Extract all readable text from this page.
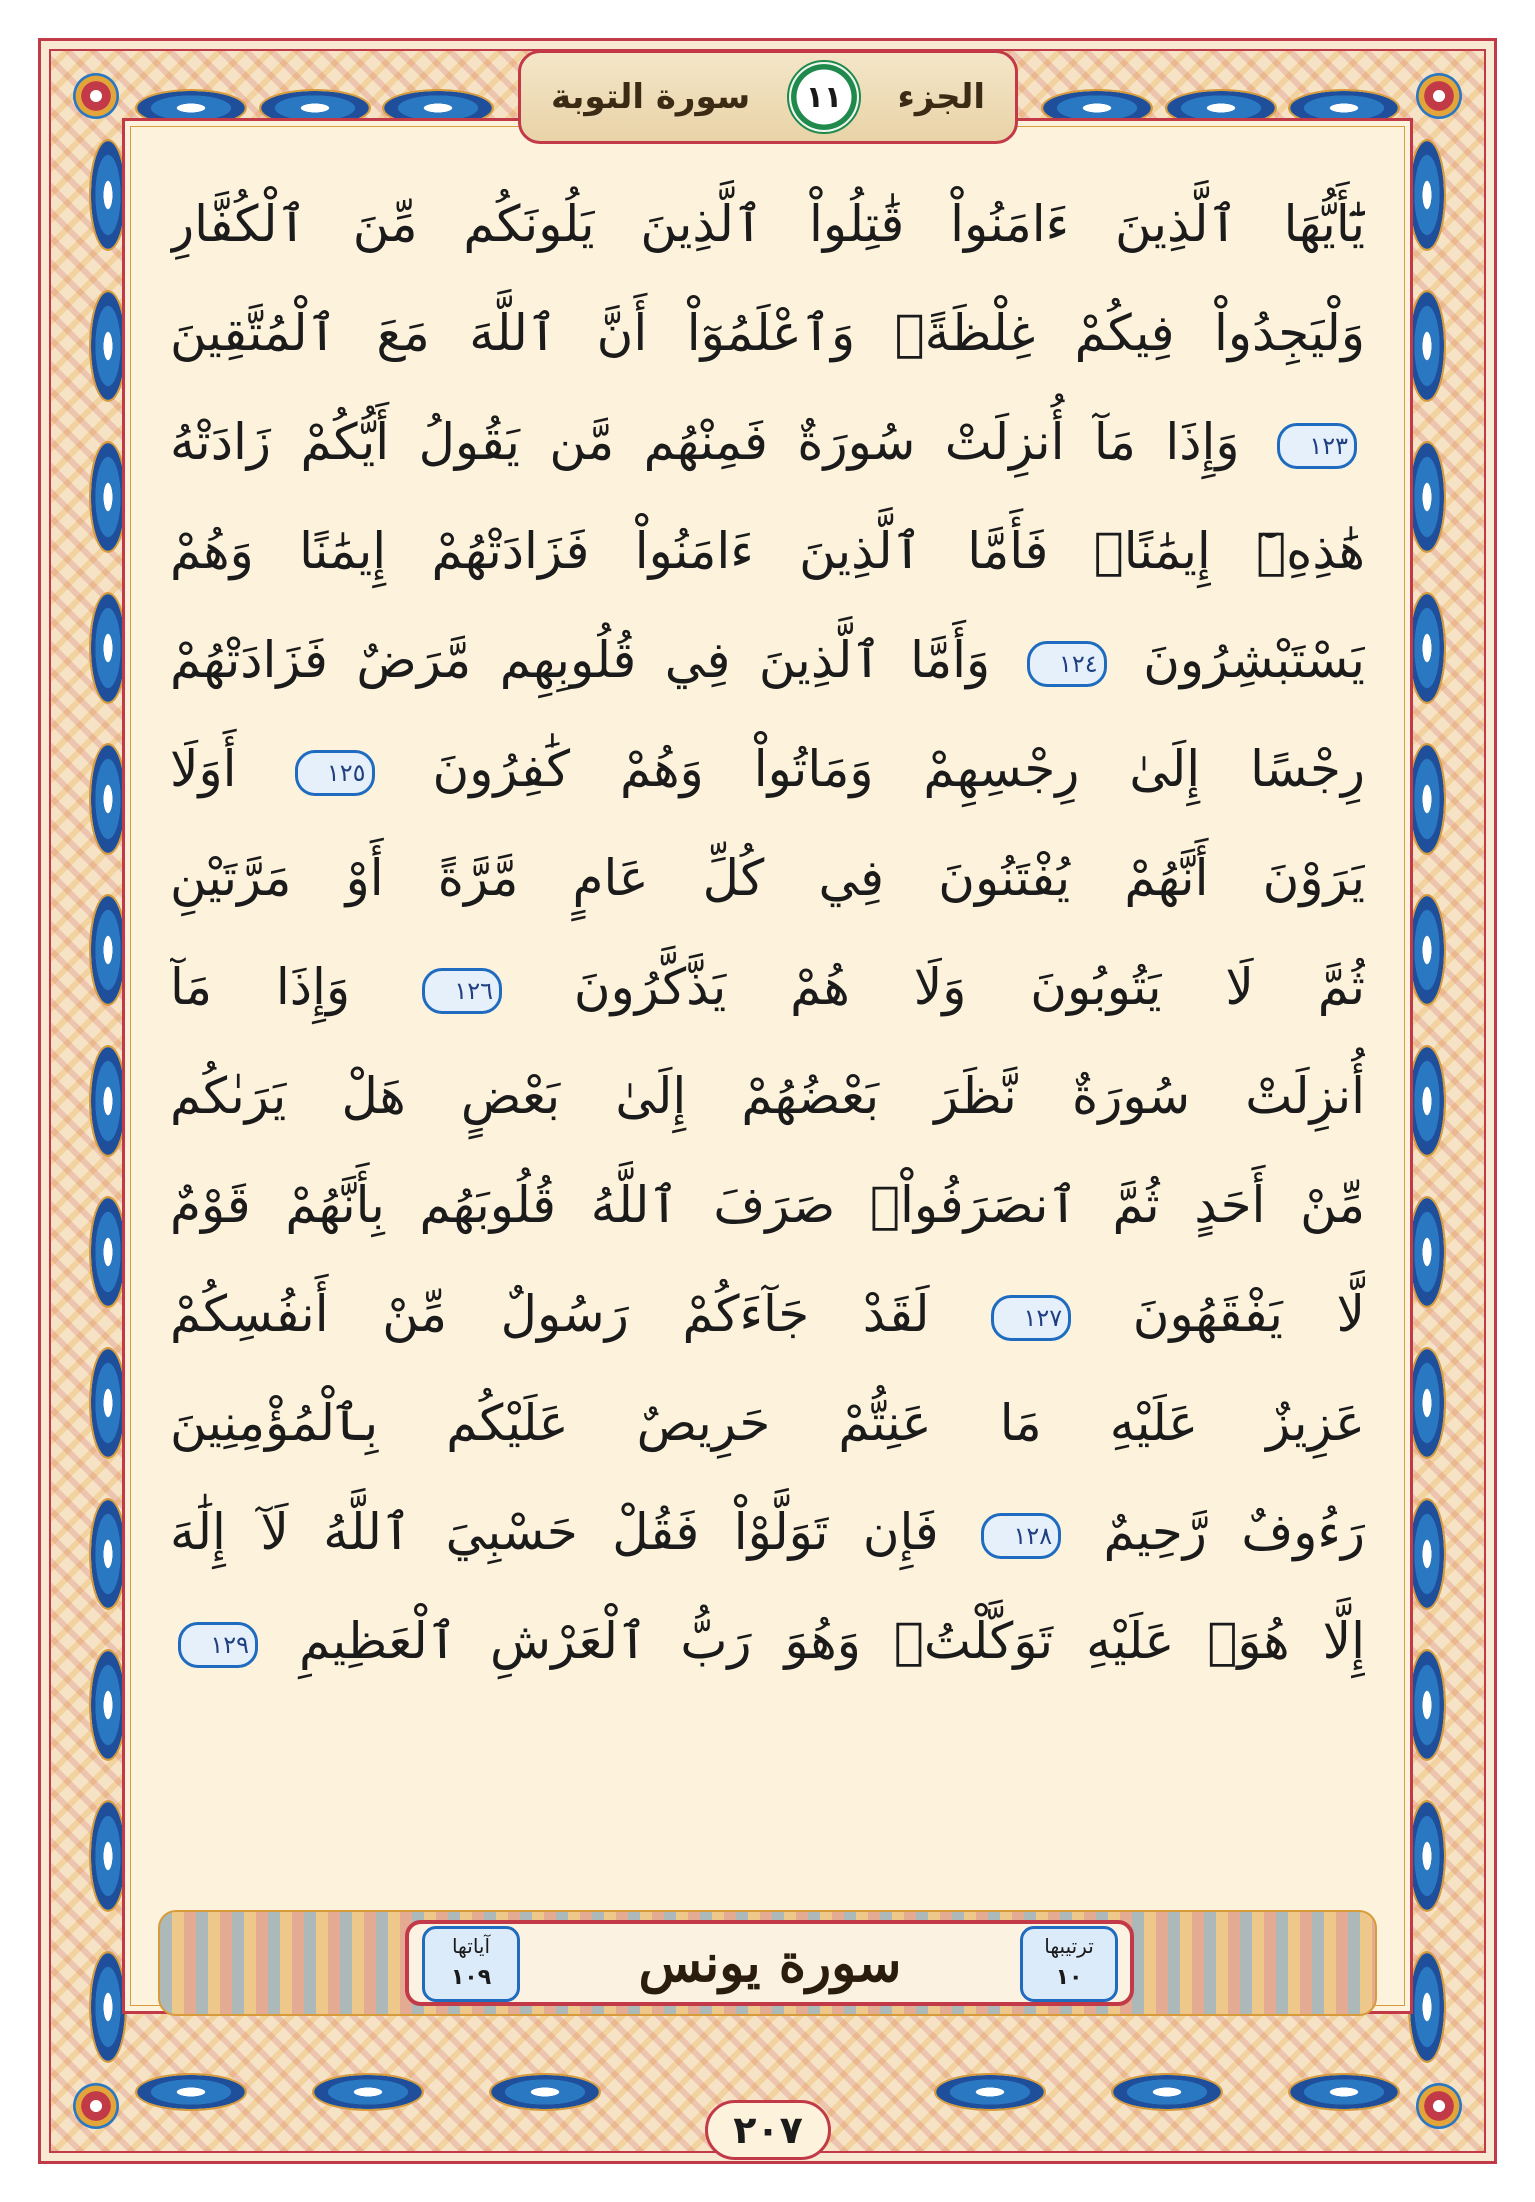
الجزء
١١
سورة التوبة
يَٰٓأَيُّهَا ٱلَّذِينَ ءَامَنُواْ قَٰتِلُواْ ٱلَّذِينَ يَلُونَكُم مِّنَ ٱلْكُفَّارِ
وَلْيَجِدُواْ فِيكُمْ غِلْظَةًۚ وَٱعْلَمُوٓاْ أَنَّ ٱللَّهَ مَعَ ٱلْمُتَّقِينَ
١٢٣ وَإِذَا مَآ أُنزِلَتْ سُورَةٌ فَمِنْهُم مَّن يَقُولُ أَيُّكُمْ زَادَتْهُ
هَٰذِهِۦٓ إِيمَٰنًاۚ فَأَمَّا ٱلَّذِينَ ءَامَنُواْ فَزَادَتْهُمْ إِيمَٰنًا وَهُمْ
يَسْتَبْشِرُونَ ١٢٤ وَأَمَّا ٱلَّذِينَ فِي قُلُوبِهِم مَّرَضٌ فَزَادَتْهُمْ
رِجْسًا إِلَىٰ رِجْسِهِمْ وَمَاتُواْ وَهُمْ كَٰفِرُونَ ١٢٥ أَوَلَا
يَرَوْنَ أَنَّهُمْ يُفْتَنُونَ فِي كُلِّ عَامٍ مَّرَّةً أَوْ مَرَّتَيْنِ
ثُمَّ لَا يَتُوبُونَ وَلَا هُمْ يَذَّكَّرُونَ ١٢٦ وَإِذَا مَآ
أُنزِلَتْ سُورَةٌ نَّظَرَ بَعْضُهُمْ إِلَىٰ بَعْضٍ هَلْ يَرَىٰكُم
مِّنْ أَحَدٍ ثُمَّ ٱنصَرَفُواْۚ صَرَفَ ٱللَّهُ قُلُوبَهُم بِأَنَّهُمْ قَوْمٌ
لَّا يَفْقَهُونَ ١٢٧ لَقَدْ جَآءَكُمْ رَسُولٌ مِّنْ أَنفُسِكُمْ
عَزِيزٌ عَلَيْهِ مَا عَنِتُّمْ حَرِيصٌ عَلَيْكُم بِٱلْمُؤْمِنِينَ
رَءُوفٌ رَّحِيمٌ ١٢٨ فَإِن تَوَلَّوْاْ فَقُلْ حَسْبِيَ ٱللَّهُ لَآ إِلَٰهَ
إِلَّا هُوَۖ عَلَيْهِ تَوَكَّلْتُۖ وَهُوَ رَبُّ ٱلْعَرْشِ ٱلْعَظِيمِ ١٢٩
ترتيبها
١٠
سورة يونس
آياتها
١٠٩
٢٠٧
